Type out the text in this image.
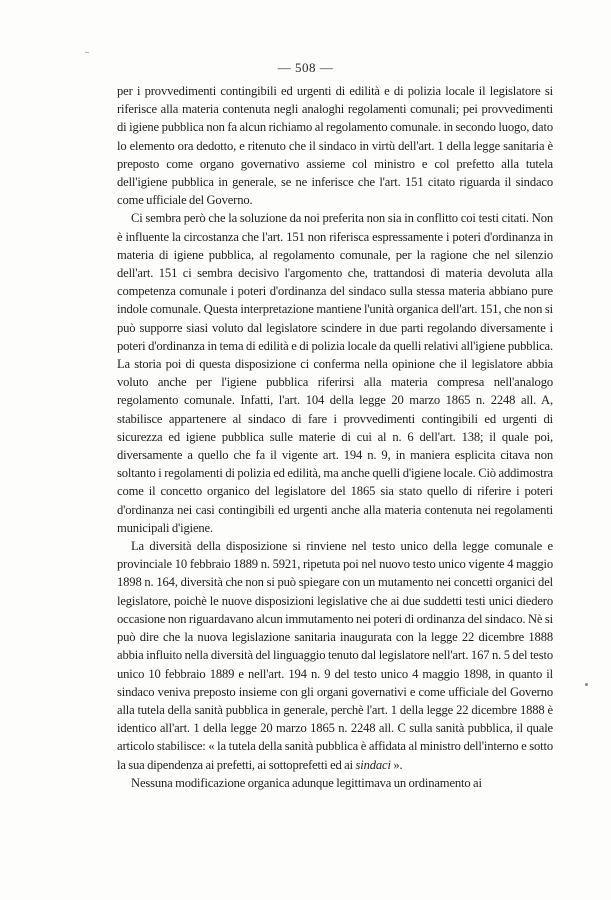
— 508 —

per i provvedimenti contingibili ed urgenti di edilità e di polizia locale il legislatore si riferisce alla materia contenuta negli analoghi regolamenti comunali; pei provvedimenti di igiene pubblica non fa alcun richiamo al regolamento comunale. in secondo luogo, dato lo elemento ora dedotto, e ritenuto che il sindaco in virtù dell'art. 1 della legge sanitaria è preposto come organo governativo assieme col ministro e col prefetto alla tutela dell'igiene pubblica in generale, se ne inferisce che l'art. 151 citato riguarda il sindaco come ufficiale del Governo.

Ci sembra però che la soluzione da noi preferita non sia in conflitto coi testi citati. Non è influente la circostanza che l'art. 151 non riferisca espressamente i poteri d'ordinanza in materia di igiene pubblica, al regolamento comunale, per la ragione che nel silenzio dell'art. 151 ci sembra decisivo l'argomento che, trattandosi di materia devoluta alla competenza comunale i poteri d'ordinanza del sindaco sulla stessa materia abbiano pure indole comunale. Questa interpretazione mantiene l'unità organica dell'art. 151, che non si può supporre siasi voluto dal legislatore scindere in due parti regolando diversamente i poteri d'ordinanza in tema di edilità e di polizia locale da quelli relativi all'igiene pubblica. La storia poi di questa disposizione ci conferma nella opinione che il legislatore abbia voluto anche per l'igiene pubblica riferirsi alla materia compresa nell'analogo regolamento comunale. Infatti, l'art. 104 della legge 20 marzo 1865 n. 2248 all. A, stabilisce appartenere al sindaco di fare i provvedimenti contingibili ed urgenti di sicurezza ed igiene pubblica sulle materie di cui al n. 6 dell'art. 138; il quale poi, diversamente a quello che fa il vigente art. 194 n. 9, in maniera esplicita citava non soltanto i regolamenti di polizia ed edilità, ma anche quelli d'igiene locale. Ciò addimostra come il concetto organico del legislatore del 1865 sia stato quello di riferire i poteri d'ordinanza nei casi contingibili ed urgenti anche alla materia contenuta nei regolamenti municipali d'igiene.

La diversità della disposizione si rinviene nel testo unico della legge comunale e provinciale 10 febbraio 1889 n. 5921, ripetuta poi nel nuovo testo unico vigente 4 maggio 1898 n. 164, diversità che non si può spiegare con un mutamento nei concetti organici del legislatore, poichè le nuove disposizioni legislative che ai due suddetti testi unici diedero occasione non riguardavano alcun immutamento nei poteri di ordinanza del sindaco. Nè si può dire che la nuova legislazione sanitaria inaugurata con la legge 22 dicembre 1888 abbia influito nella diversità del linguaggio tenuto dal legislatore nell'art. 167 n. 5 del testo unico 10 febbraio 1889 e nell'art. 194 n. 9 del testo unico 4 maggio 1898, in quanto il sindaco veniva preposto insieme con gli organi governativi e come ufficiale del Governo alla tutela della sanità pubblica in generale, perchè l'art. 1 della legge 22 dicembre 1888 è identico all'art. 1 della legge 20 marzo 1865 n. 2248 all. C sulla sanità pubblica, il quale articolo stabilisce: « la tutela della sanità pubblica è affidata al ministro dell'interno e sotto la sua dipendenza ai prefetti, ai sottoprefetti ed ai sindaci ».

Nessuna modificazione organica adunque legittimava un ordinamento ai
